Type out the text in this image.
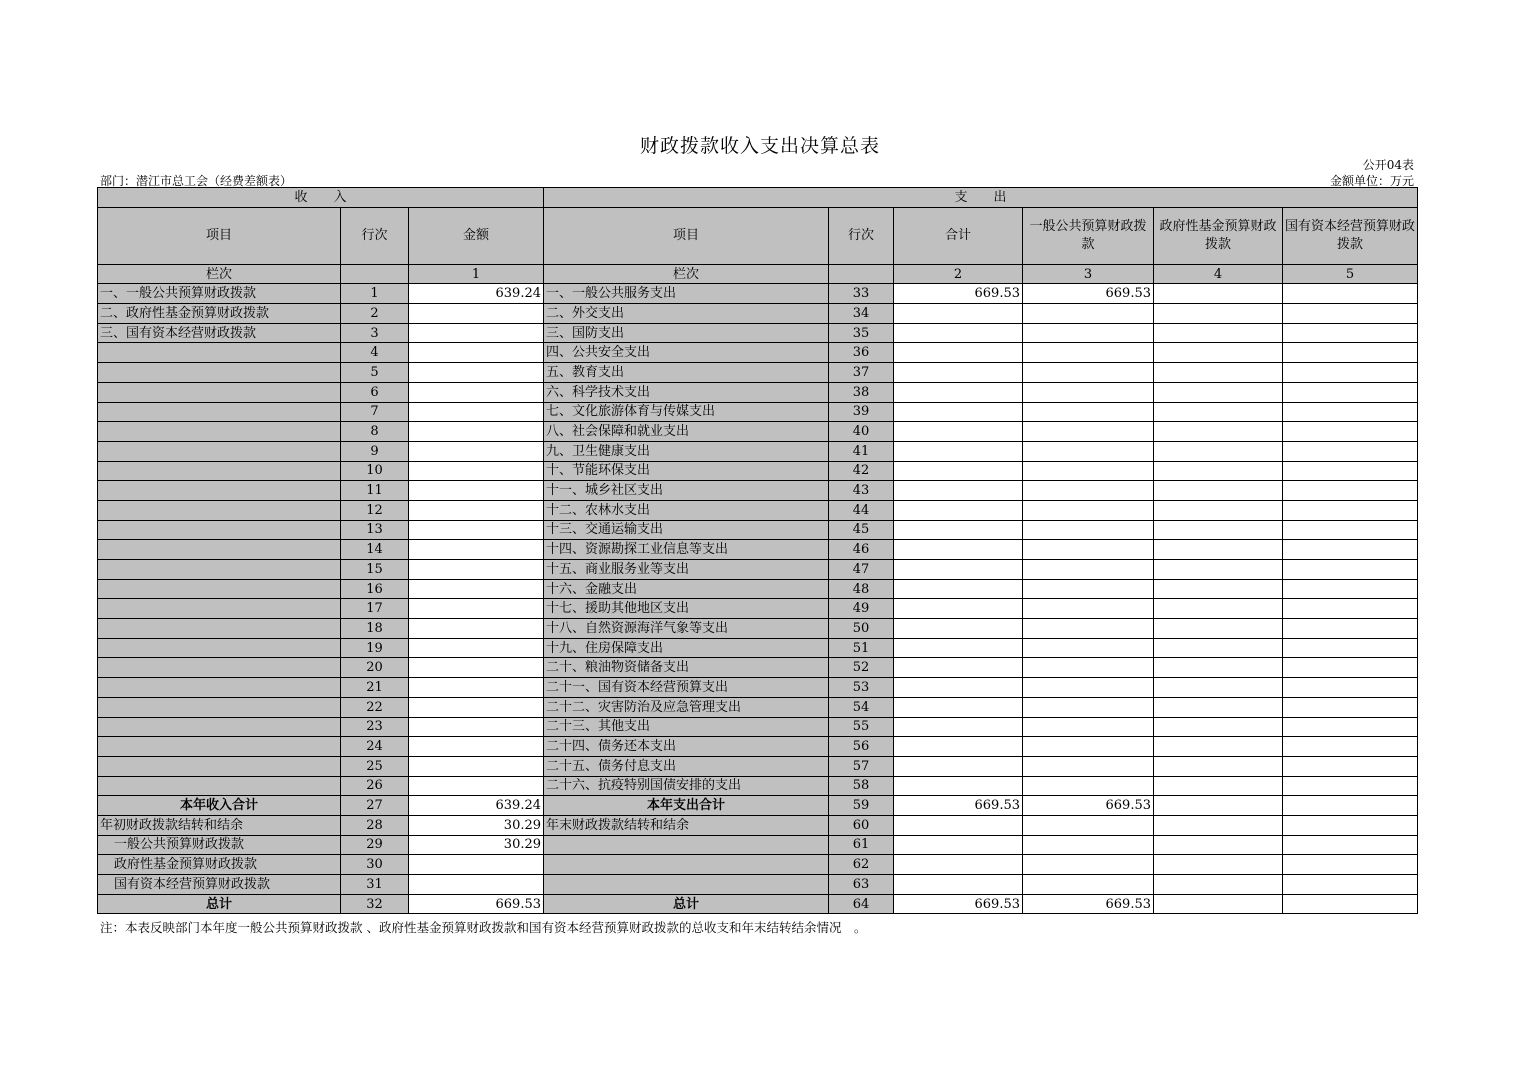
财政拨款收入支出决算总表
公开04表
部门：潜江市总工会（经费差额表）	金额单位：万元
收　　入			支　　出					
项目	行次	金额	项目	行次	合计	一般公共预算财政拨款	政府性基金预算财政拨款	国有资本经营预算财政拨款
栏次		1	栏次		2	3	4	5
一、一般公共预算财政拨款	1	639.24	一、一般公共服务支出	33	669.53	669.53		
二、政府性基金预算财政拨款	2		二、外交支出	34				
三、国有资本经营财政拨款	3		三、国防支出	35				
	4		四、公共安全支出	36				
	5		五、教育支出	37				
	6		六、科学技术支出	38				
	7		七、文化旅游体育与传媒支出	39				
	8		八、社会保障和就业支出	40				
	9		九、卫生健康支出	41				
	10		十、节能环保支出	42				
	11		十一、城乡社区支出	43				
	12		十二、农林水支出	44				
	13		十三、交通运输支出	45				
	14		十四、资源勘探工业信息等支出	46				
	15		十五、商业服务业等支出	47				
	16		十六、金融支出	48				
	17		十七、援助其他地区支出	49				
	18		十八、自然资源海洋气象等支出	50				
	19		十九、住房保障支出	51				
	20		二十、粮油物资储备支出	52				
	21		二十一、国有资本经营预算支出	53				
	22		二十二、灾害防治及应急管理支出	54				
	23		二十三、其他支出	55				
	24		二十四、债务还本支出	56				
	25		二十五、债务付息支出	57				
	26		二十六、抗疫特别国债安排的支出	58				
本年收入合计	27	639.24	本年支出合计	59	669.53	669.53		
年初财政拨款结转和结余	28	30.29	年末财政拨款结转和结余	60				
一般公共预算财政拨款	29	30.29		61				
政府性基金预算财政拨款	30			62				
国有资本经营预算财政拨款	31			63				
总计	32	669.53	总计	64	669.53	669.53		
注：本表反映部门本年度一般公共预算财政拨款 、政府性基金预算财政拨款和国有资本经营预算财政拨款的总收支和年末结转结余情况　。
